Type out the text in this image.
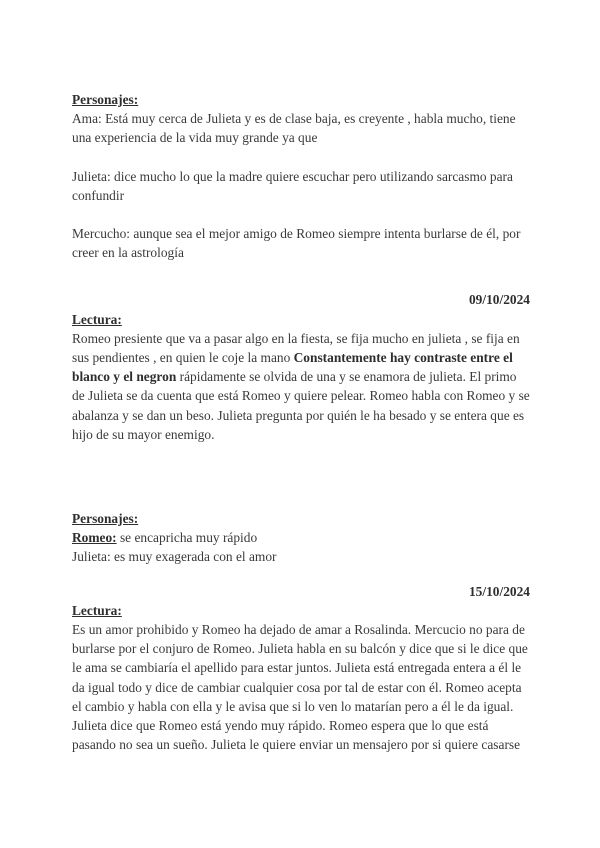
Personajes:

Ama: Está muy cerca de Julieta y es de clase baja, es creyente , habla mucho, tiene una experiencia de la vida muy grande ya que

Julieta: dice mucho lo que la madre quiere escuchar pero utilizando sarcasmo para confundir

Mercucho: aunque sea el mejor amigo de Romeo siempre intenta burlarse de él, por creer en la astrología

09/10/2024

Lectura:

Romeo presiente que va a pasar algo en la fiesta, se fija mucho en julieta , se fija en sus pendientes , en quien le coje la mano Constantemente hay contraste entre el blanco y el negron rápidamente se olvida de una y se enamora de julieta. El primo de Julieta se da cuenta que está Romeo y quiere pelear. Romeo habla con Romeo y se abalanza y se dan un beso. Julieta pregunta por quién le ha besado y se entera que es hijo de su mayor enemigo.

Personajes:

Romeo: se encapricha muy rápido

Julieta: es muy exagerada con el amor

15/10/2024

Lectura:

Es un amor prohibido y Romeo ha dejado de amar a Rosalinda. Mercucio no para de burlarse por el conjuro de Romeo. Julieta habla en su balcón y dice que si le dice que le ama se cambiaría el apellido para estar juntos. Julieta está entregada entera a él le da igual todo y dice de cambiar cualquier cosa por tal de estar con él. Romeo acepta el cambio y habla con ella y le avisa que si lo ven lo matarían pero a él le da igual. Julieta dice que Romeo está yendo muy rápido. Romeo espera que lo que está pasando no sea un sueño. Julieta le quiere enviar un mensajero por si quiere casarse
